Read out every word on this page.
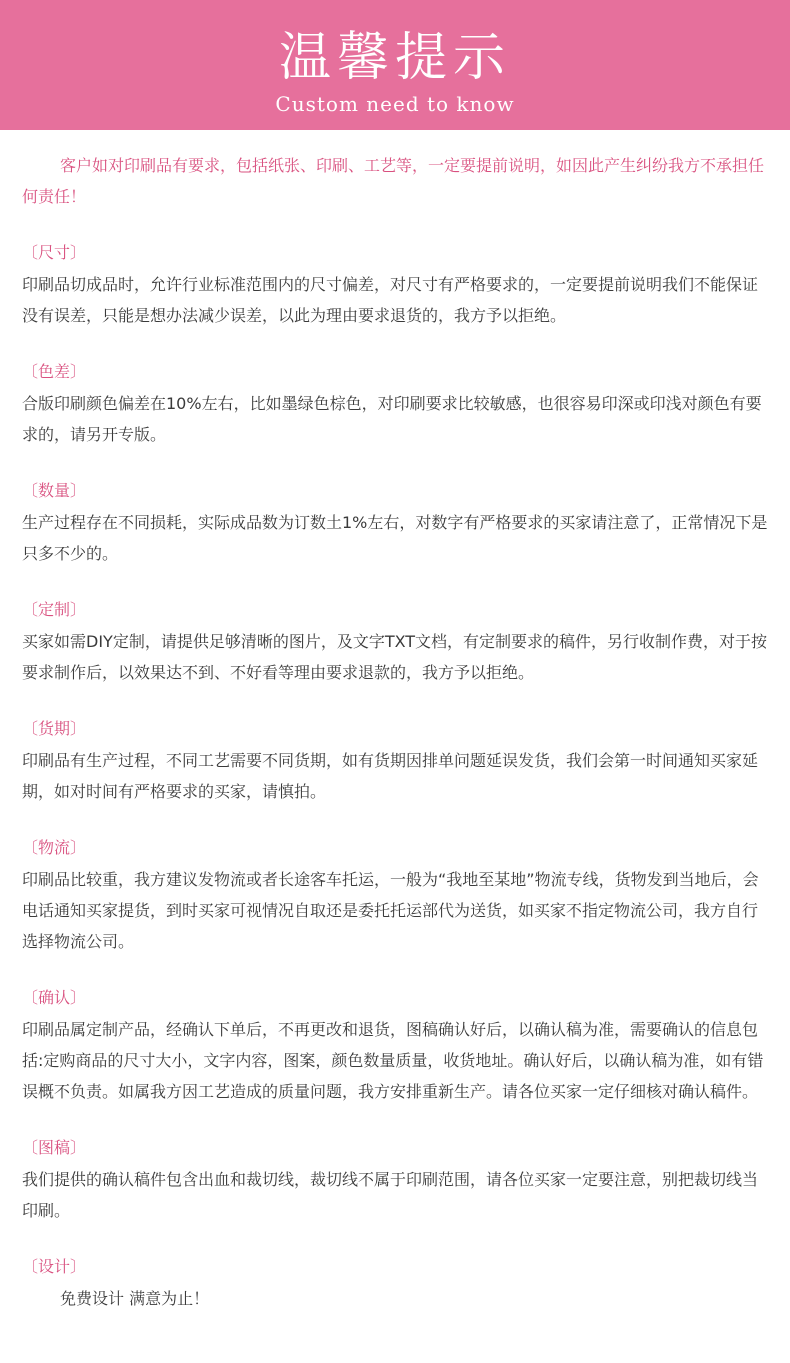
温馨提示
Custom need to know

客户如对印刷品有要求，包括纸张、印刷、工艺等，一定要提前说明，如因此产生纠纷我方不承担任何责任！

〔尺寸〕

印刷品切成品时，允许行业标准范围内的尺寸偏差，对尺寸有严格要求的，一定要提前说明我们不能保证没有误差，只能是想办法减少误差，以此为理由要求退货的，我方予以拒绝。

〔色差〕

合版印刷颜色偏差在10%左右，比如墨绿色棕色，对印刷要求比较敏感，也很容易印深或印浅对颜色有要求的，请另开专版。

〔数量〕

生产过程存在不同损耗，实际成品数为订数土1%左右，对数字有严格要求的买家请注意了，正常情况下是只多不少的。

〔定制〕

买家如需DIY定制，请提供足够清晰的图片，及文字TXT文档，有定制要求的稿件，另行收制作费，对于按要求制作后，以效果达不到、不好看等理由要求退款的，我方予以拒绝。

〔货期〕

印刷品有生产过程，不同工艺需要不同货期，如有货期因排单问题延误发货，我们会第一时间通知买家延期，如对时间有严格要求的买家，请慎拍。

〔物流〕

印刷品比较重，我方建议发物流或者长途客车托运，一般为“我地至某地”物流专线，货物发到当地后，会电话通知买家提货，到时买家可视情况自取还是委托托运部代为送货，如买家不指定物流公司，我方自行选择物流公司。

〔确认〕

印刷品属定制产品，经确认下单后，不再更改和退货，图稿确认好后，以确认稿为准，需要确认的信息包括:定购商品的尺寸大小，文字内容，图案，颜色数量质量，收货地址。确认好后，以确认稿为准，如有错误概不负责。如属我方因工艺造成的质量问题，我方安排重新生产。请各位买家一定仔细核对确认稿件。

〔图稿〕

我们提供的确认稿件包含出血和裁切线，裁切线不属于印刷范围，请各位买家一定要注意，别把裁切线当印刷。

〔设计〕

免费设计 满意为止！
